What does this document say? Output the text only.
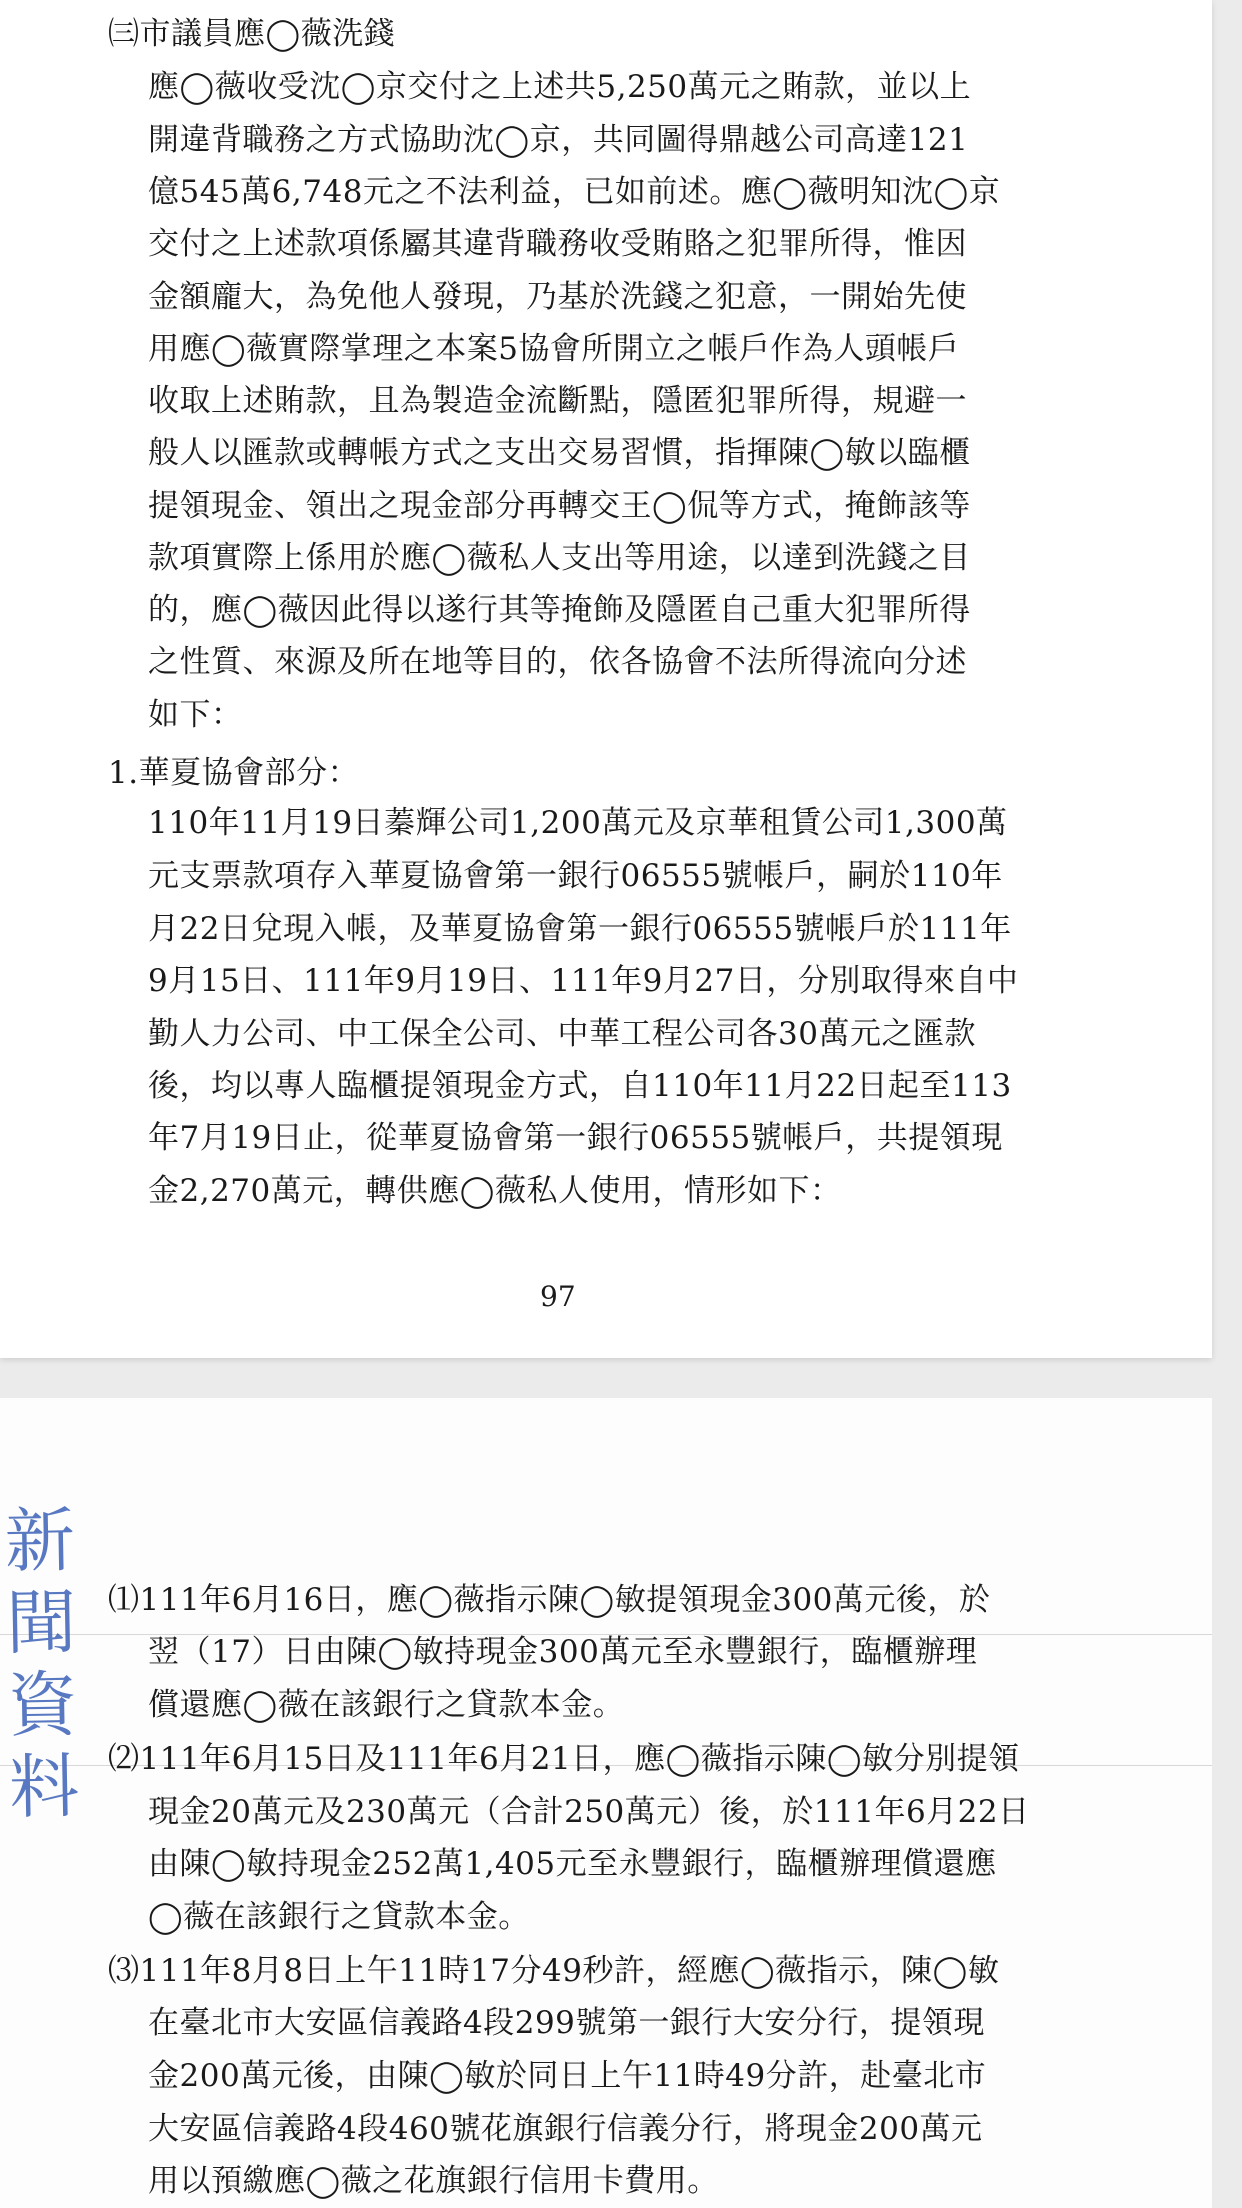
㈢市議員應◯薇洗錢
應◯薇收受沈◯京交付之上述共5,250萬元之賄款，並以上
開違背職務之方式協助沈◯京，共同圖得鼎越公司高達121
億545萬6,748元之不法利益，已如前述。應◯薇明知沈◯京
交付之上述款項係屬其違背職務收受賄賂之犯罪所得，惟因
金額龐大，為免他人發現，乃基於洗錢之犯意，一開始先使
用應◯薇實際掌理之本案5協會所開立之帳戶作為人頭帳戶
收取上述賄款，且為製造金流斷點，隱匿犯罪所得，規避一
般人以匯款或轉帳方式之支出交易習慣，指揮陳◯敏以臨櫃
提領現金、領出之現金部分再轉交王◯侃等方式，掩飾該等
款項實際上係用於應◯薇私人支出等用途，以達到洗錢之目
的，應◯薇因此得以遂行其等掩飾及隱匿自己重大犯罪所得
之性質、來源及所在地等目的，依各協會不法所得流向分述
如下：
1.華夏協會部分：
110年11月19日蓁輝公司1,200萬元及京華租賃公司1,300萬
元支票款項存入華夏協會第一銀行06555號帳戶，嗣於110年
月22日兌現入帳，及華夏協會第一銀行06555號帳戶於111年
9月15日、111年9月19日、111年9月27日，分別取得來自中
勤人力公司、中工保全公司、中華工程公司各30萬元之匯款
後，均以專人臨櫃提領現金方式，自110年11月22日起至113
年7月19日止，從華夏協會第一銀行06555號帳戶，共提領現
金2,270萬元，轉供應◯薇私人使用，情形如下：
97
⑴111年6月16日，應◯薇指示陳◯敏提領現金300萬元後，於
翌（17）日由陳◯敏持現金300萬元至永豐銀行，臨櫃辦理
償還應◯薇在該銀行之貸款本金。
⑵111年6月15日及111年6月21日，應◯薇指示陳◯敏分別提領
現金20萬元及230萬元（合計250萬元）後，於111年6月22日
由陳◯敏持現金252萬1,405元至永豐銀行，臨櫃辦理償還應
◯薇在該銀行之貸款本金。
⑶111年8月8日上午11時17分49秒許，經應◯薇指示，陳◯敏
在臺北市大安區信義路4段299號第一銀行大安分行，提領現
金200萬元後，由陳◯敏於同日上午11時49分許，赴臺北市
大安區信義路4段460號花旗銀行信義分行，將現金200萬元
用以預繳應◯薇之花旗銀行信用卡費用。
新
聞
資
料
